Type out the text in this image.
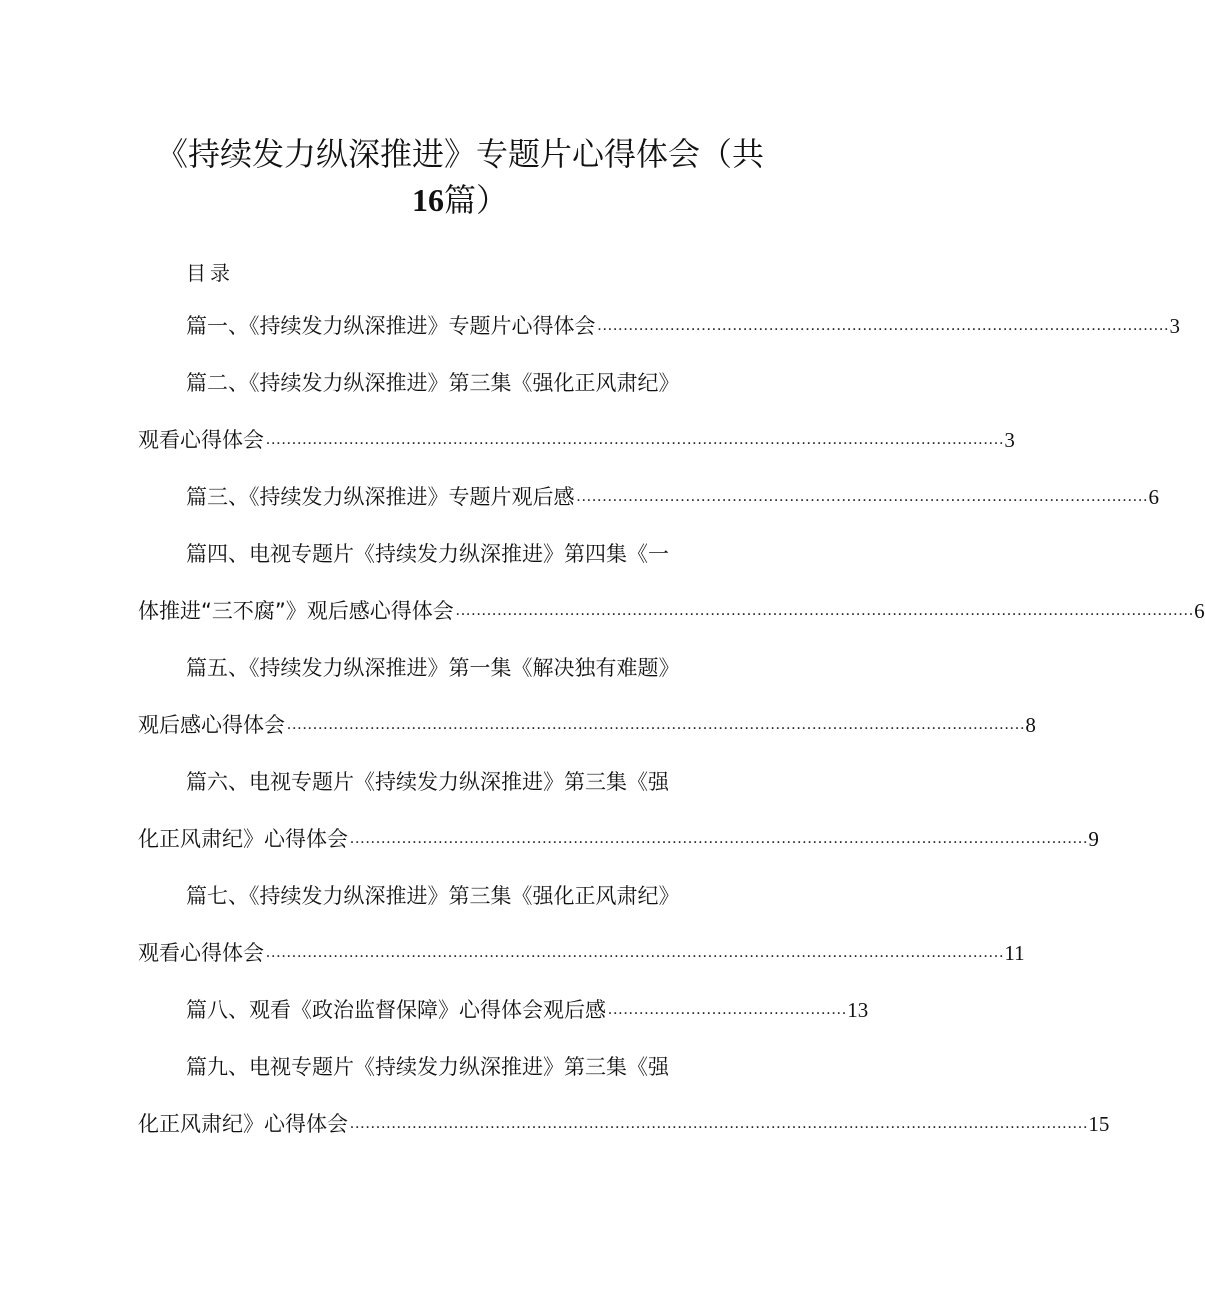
《持续发力纵深推进》专题片心得体会（共
16篇）
目录
篇一、《持续发力纵深推进》专题片心得体会 .............................................................................................................. 3
篇二、《持续发力纵深推进》第三集《强化正风肃纪》
观看心得体会 .............................................................................................................................................. 3
篇三、《持续发力纵深推进》专题片观后感 .............................................................................................................. 6
篇四、电视专题片《持续发力纵深推进》第四集《一
体推进“三不腐”》观后感心得体会 .............................................................................................................................................. 6
篇五、《持续发力纵深推进》第一集《解决独有难题》
观后感心得体会 .............................................................................................................................................. 8
篇六、电视专题片《持续发力纵深推进》第三集《强
化正风肃纪》心得体会 .............................................................................................................................................. 9
篇七、《持续发力纵深推进》第三集《强化正风肃纪》
观看心得体会 .............................................................................................................................................. 11
篇八、观看《政治监督保障》心得体会观后感 .............................................. 13
篇九、电视专题片《持续发力纵深推进》第三集《强
化正风肃纪》心得体会 .............................................................................................................................................. 15
